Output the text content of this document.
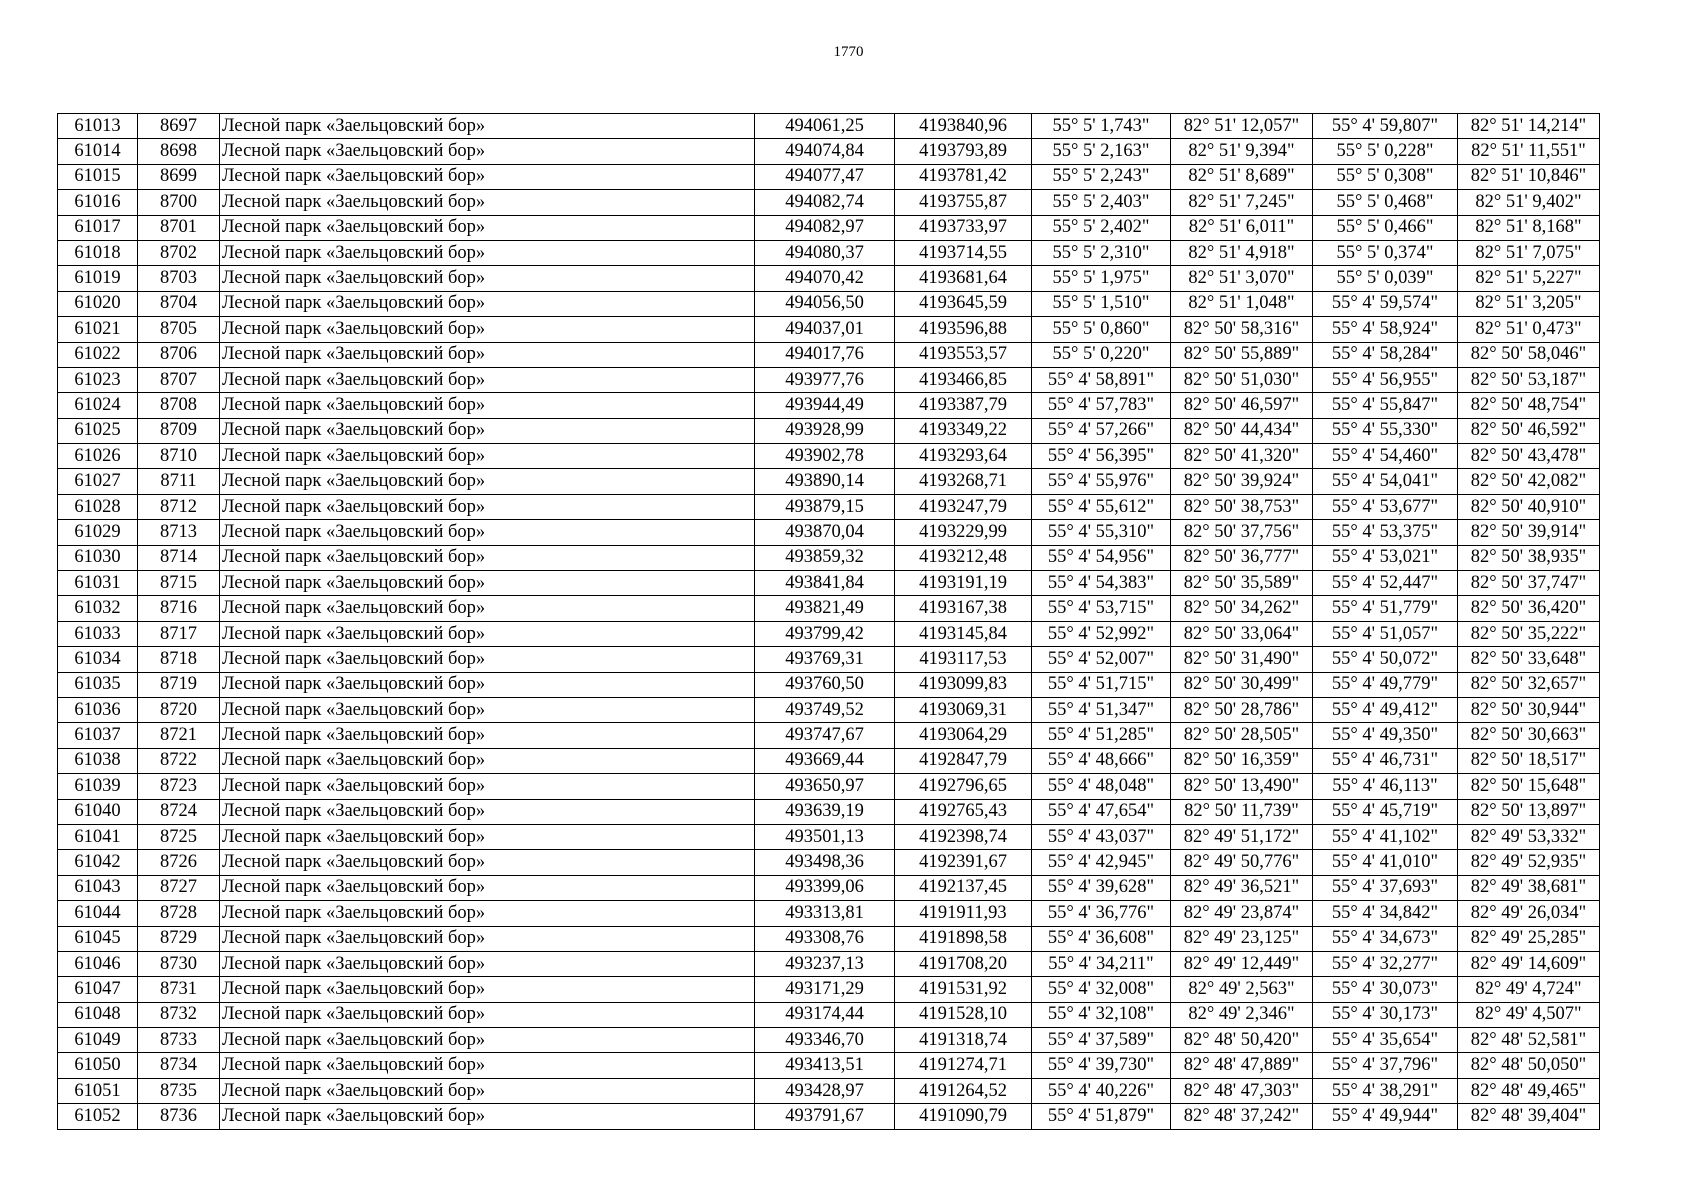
1770
61013	8697	Лесной парк «Заельцовский бор»	494061,25	4193840,96	55° 5' 1,743"	82° 51' 12,057"	55° 4' 59,807"	82° 51' 14,214"
61014	8698	Лесной парк «Заельцовский бор»	494074,84	4193793,89	55° 5' 2,163"	82° 51' 9,394"	55° 5' 0,228"	82° 51' 11,551"
61015	8699	Лесной парк «Заельцовский бор»	494077,47	4193781,42	55° 5' 2,243"	82° 51' 8,689"	55° 5' 0,308"	82° 51' 10,846"
61016	8700	Лесной парк «Заельцовский бор»	494082,74	4193755,87	55° 5' 2,403"	82° 51' 7,245"	55° 5' 0,468"	82° 51' 9,402"
61017	8701	Лесной парк «Заельцовский бор»	494082,97	4193733,97	55° 5' 2,402"	82° 51' 6,011"	55° 5' 0,466"	82° 51' 8,168"
61018	8702	Лесной парк «Заельцовский бор»	494080,37	4193714,55	55° 5' 2,310"	82° 51' 4,918"	55° 5' 0,374"	82° 51' 7,075"
61019	8703	Лесной парк «Заельцовский бор»	494070,42	4193681,64	55° 5' 1,975"	82° 51' 3,070"	55° 5' 0,039"	82° 51' 5,227"
61020	8704	Лесной парк «Заельцовский бор»	494056,50	4193645,59	55° 5' 1,510"	82° 51' 1,048"	55° 4' 59,574"	82° 51' 3,205"
61021	8705	Лесной парк «Заельцовский бор»	494037,01	4193596,88	55° 5' 0,860"	82° 50' 58,316"	55° 4' 58,924"	82° 51' 0,473"
61022	8706	Лесной парк «Заельцовский бор»	494017,76	4193553,57	55° 5' 0,220"	82° 50' 55,889"	55° 4' 58,284"	82° 50' 58,046"
61023	8707	Лесной парк «Заельцовский бор»	493977,76	4193466,85	55° 4' 58,891"	82° 50' 51,030"	55° 4' 56,955"	82° 50' 53,187"
61024	8708	Лесной парк «Заельцовский бор»	493944,49	4193387,79	55° 4' 57,783"	82° 50' 46,597"	55° 4' 55,847"	82° 50' 48,754"
61025	8709	Лесной парк «Заельцовский бор»	493928,99	4193349,22	55° 4' 57,266"	82° 50' 44,434"	55° 4' 55,330"	82° 50' 46,592"
61026	8710	Лесной парк «Заельцовский бор»	493902,78	4193293,64	55° 4' 56,395"	82° 50' 41,320"	55° 4' 54,460"	82° 50' 43,478"
61027	8711	Лесной парк «Заельцовский бор»	493890,14	4193268,71	55° 4' 55,976"	82° 50' 39,924"	55° 4' 54,041"	82° 50' 42,082"
61028	8712	Лесной парк «Заельцовский бор»	493879,15	4193247,79	55° 4' 55,612"	82° 50' 38,753"	55° 4' 53,677"	82° 50' 40,910"
61029	8713	Лесной парк «Заельцовский бор»	493870,04	4193229,99	55° 4' 55,310"	82° 50' 37,756"	55° 4' 53,375"	82° 50' 39,914"
61030	8714	Лесной парк «Заельцовский бор»	493859,32	4193212,48	55° 4' 54,956"	82° 50' 36,777"	55° 4' 53,021"	82° 50' 38,935"
61031	8715	Лесной парк «Заельцовский бор»	493841,84	4193191,19	55° 4' 54,383"	82° 50' 35,589"	55° 4' 52,447"	82° 50' 37,747"
61032	8716	Лесной парк «Заельцовский бор»	493821,49	4193167,38	55° 4' 53,715"	82° 50' 34,262"	55° 4' 51,779"	82° 50' 36,420"
61033	8717	Лесной парк «Заельцовский бор»	493799,42	4193145,84	55° 4' 52,992"	82° 50' 33,064"	55° 4' 51,057"	82° 50' 35,222"
61034	8718	Лесной парк «Заельцовский бор»	493769,31	4193117,53	55° 4' 52,007"	82° 50' 31,490"	55° 4' 50,072"	82° 50' 33,648"
61035	8719	Лесной парк «Заельцовский бор»	493760,50	4193099,83	55° 4' 51,715"	82° 50' 30,499"	55° 4' 49,779"	82° 50' 32,657"
61036	8720	Лесной парк «Заельцовский бор»	493749,52	4193069,31	55° 4' 51,347"	82° 50' 28,786"	55° 4' 49,412"	82° 50' 30,944"
61037	8721	Лесной парк «Заельцовский бор»	493747,67	4193064,29	55° 4' 51,285"	82° 50' 28,505"	55° 4' 49,350"	82° 50' 30,663"
61038	8722	Лесной парк «Заельцовский бор»	493669,44	4192847,79	55° 4' 48,666"	82° 50' 16,359"	55° 4' 46,731"	82° 50' 18,517"
61039	8723	Лесной парк «Заельцовский бор»	493650,97	4192796,65	55° 4' 48,048"	82° 50' 13,490"	55° 4' 46,113"	82° 50' 15,648"
61040	8724	Лесной парк «Заельцовский бор»	493639,19	4192765,43	55° 4' 47,654"	82° 50' 11,739"	55° 4' 45,719"	82° 50' 13,897"
61041	8725	Лесной парк «Заельцовский бор»	493501,13	4192398,74	55° 4' 43,037"	82° 49' 51,172"	55° 4' 41,102"	82° 49' 53,332"
61042	8726	Лесной парк «Заельцовский бор»	493498,36	4192391,67	55° 4' 42,945"	82° 49' 50,776"	55° 4' 41,010"	82° 49' 52,935"
61043	8727	Лесной парк «Заельцовский бор»	493399,06	4192137,45	55° 4' 39,628"	82° 49' 36,521"	55° 4' 37,693"	82° 49' 38,681"
61044	8728	Лесной парк «Заельцовский бор»	493313,81	4191911,93	55° 4' 36,776"	82° 49' 23,874"	55° 4' 34,842"	82° 49' 26,034"
61045	8729	Лесной парк «Заельцовский бор»	493308,76	4191898,58	55° 4' 36,608"	82° 49' 23,125"	55° 4' 34,673"	82° 49' 25,285"
61046	8730	Лесной парк «Заельцовский бор»	493237,13	4191708,20	55° 4' 34,211"	82° 49' 12,449"	55° 4' 32,277"	82° 49' 14,609"
61047	8731	Лесной парк «Заельцовский бор»	493171,29	4191531,92	55° 4' 32,008"	82° 49' 2,563"	55° 4' 30,073"	82° 49' 4,724"
61048	8732	Лесной парк «Заельцовский бор»	493174,44	4191528,10	55° 4' 32,108"	82° 49' 2,346"	55° 4' 30,173"	82° 49' 4,507"
61049	8733	Лесной парк «Заельцовский бор»	493346,70	4191318,74	55° 4' 37,589"	82° 48' 50,420"	55° 4' 35,654"	82° 48' 52,581"
61050	8734	Лесной парк «Заельцовский бор»	493413,51	4191274,71	55° 4' 39,730"	82° 48' 47,889"	55° 4' 37,796"	82° 48' 50,050"
61051	8735	Лесной парк «Заельцовский бор»	493428,97	4191264,52	55° 4' 40,226"	82° 48' 47,303"	55° 4' 38,291"	82° 48' 49,465"
61052	8736	Лесной парк «Заельцовский бор»	493791,67	4191090,79	55° 4' 51,879"	82° 48' 37,242"	55° 4' 49,944"	82° 48' 39,404"
